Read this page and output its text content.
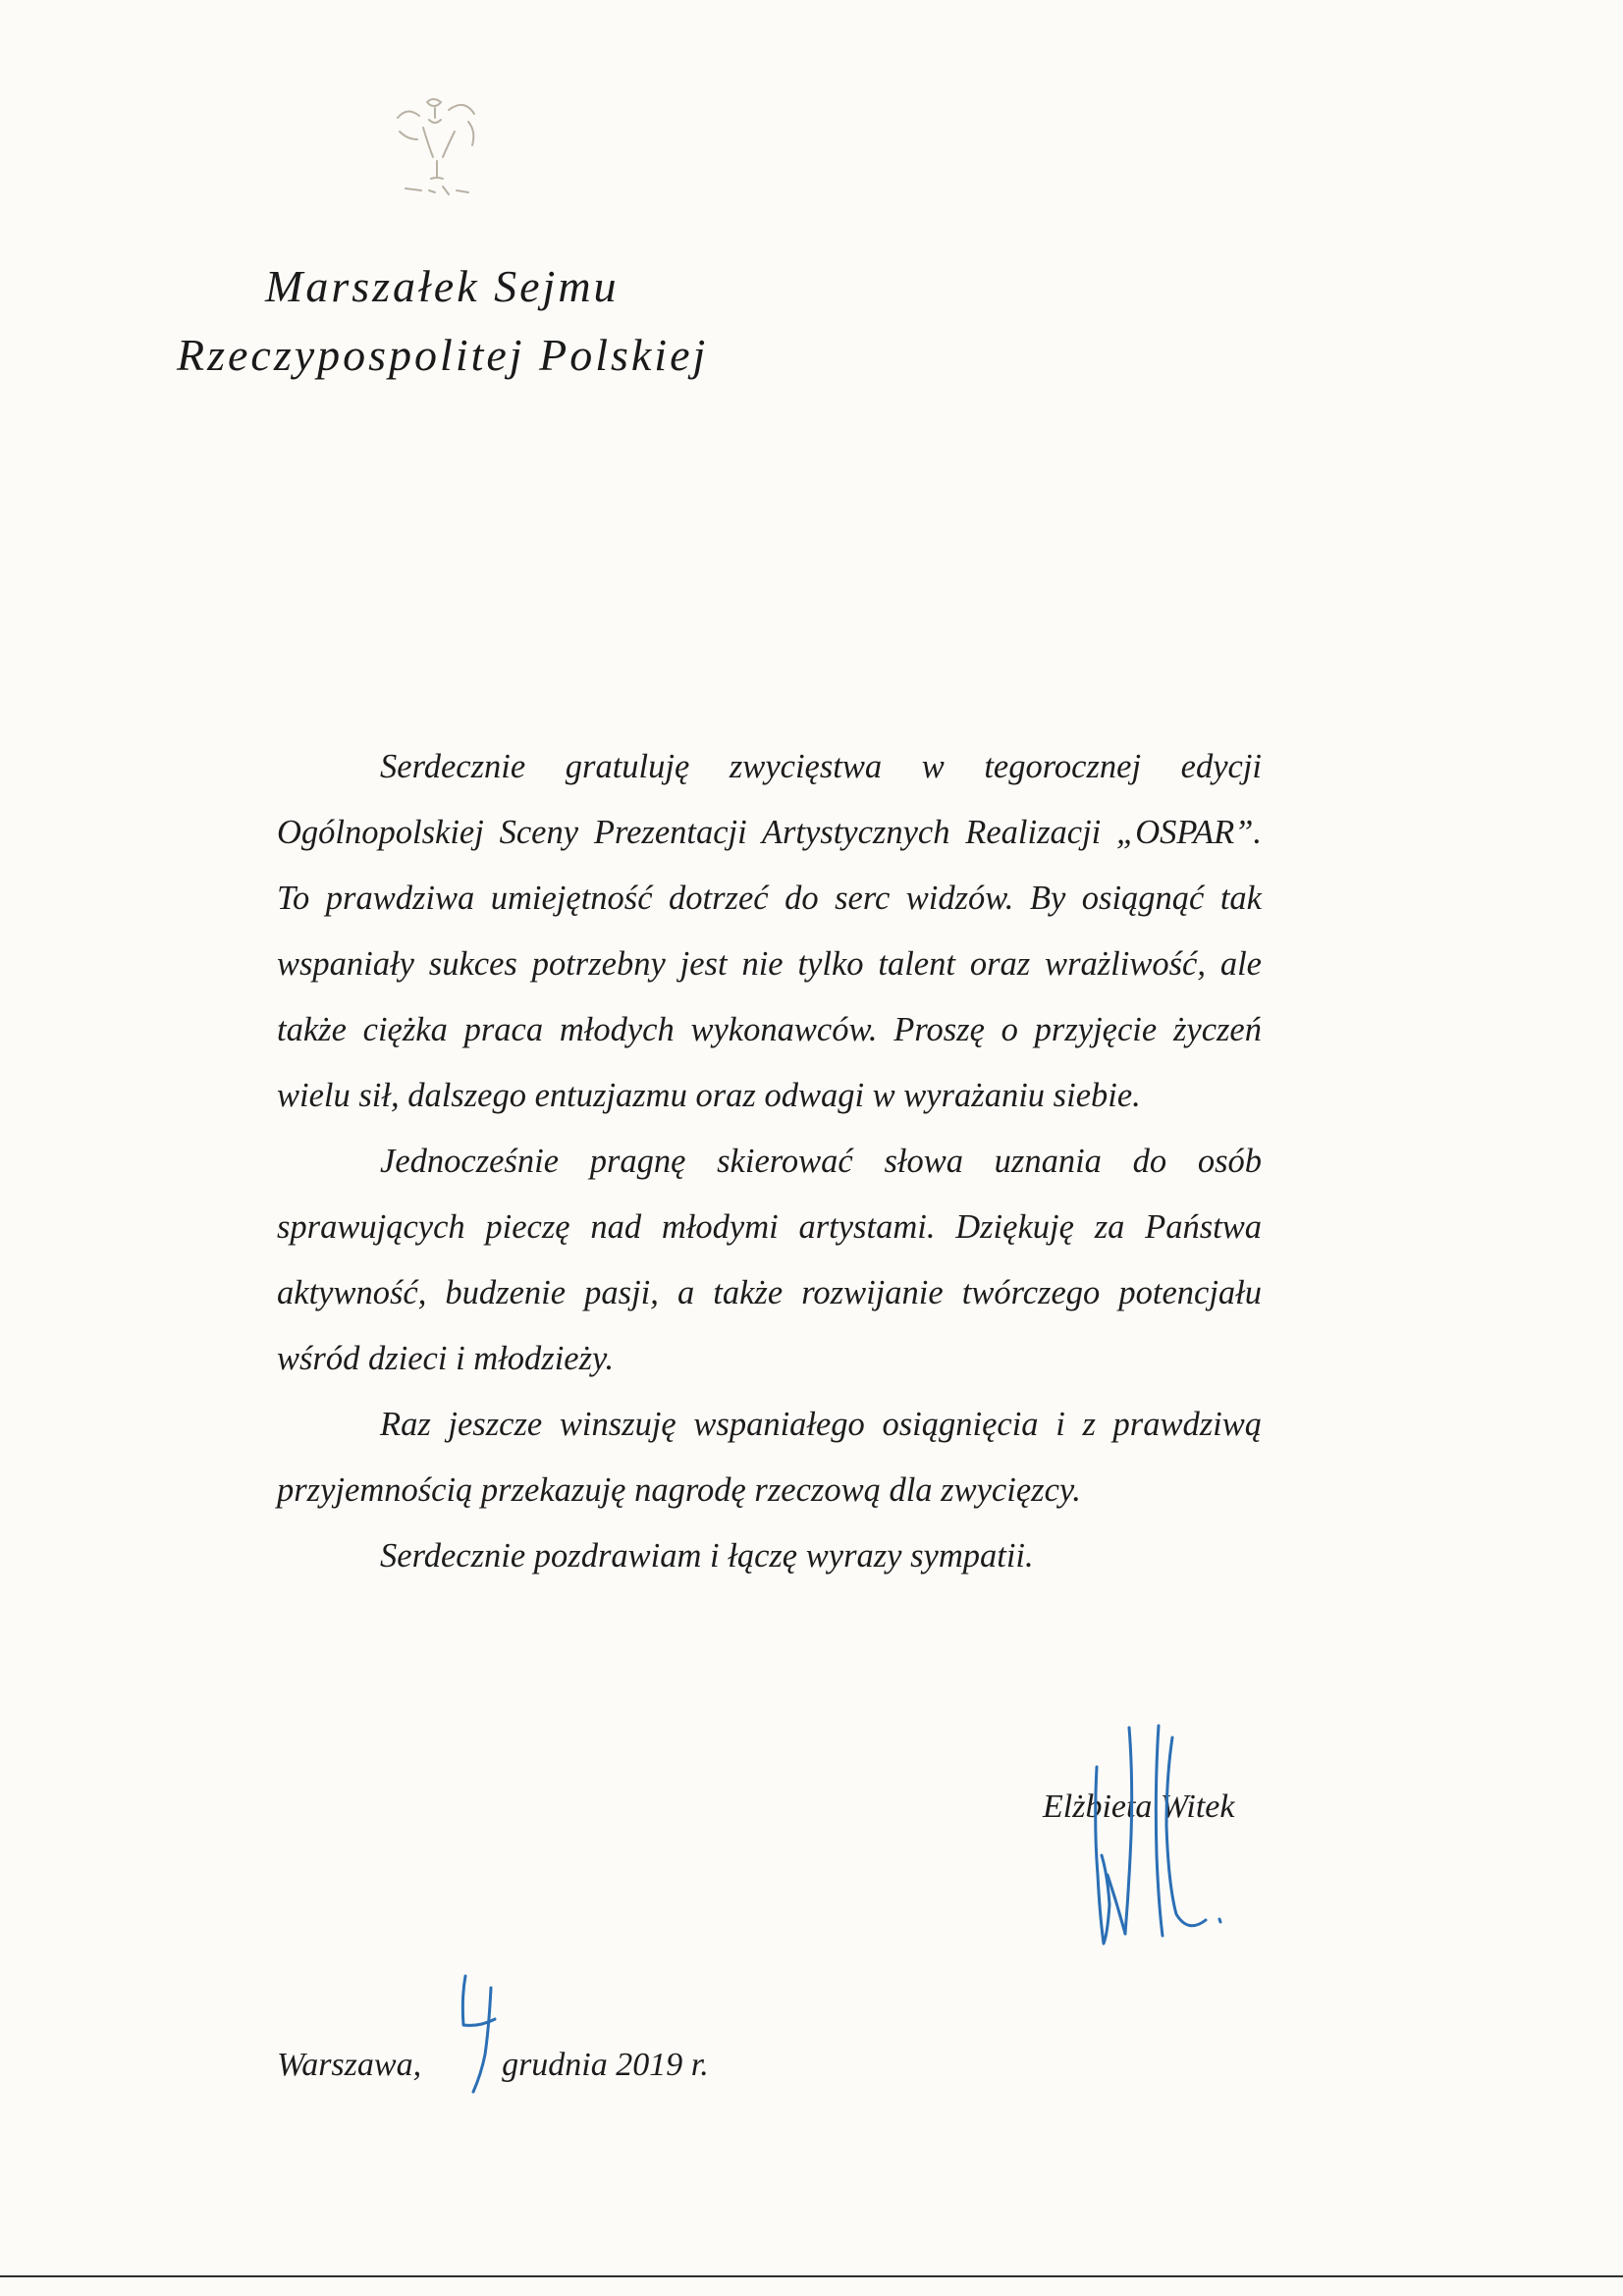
Marszałek Sejmu
Rzeczypospolitej Polskiej

Serdecznie gratuluję zwycięstwa w tegorocznej edycji Ogólnopolskiej Sceny Prezentacji Artystycznych Realizacji „OSPAR”. To prawdziwa umiejętność dotrzeć do serc widzów. By osiągnąć tak wspaniały sukces potrzebny jest nie tylko talent oraz wrażliwość, ale także ciężka praca młodych wykonawców. Proszę o przyjęcie życzeń wielu sił, dalszego entuzjazmu oraz odwagi w wyrażaniu siebie.

Jednocześnie pragnę skierować słowa uznania do osób sprawujących pieczę nad młodymi artystami. Dziękuję za Państwa aktywność, budzenie pasji, a także rozwijanie twórczego potencjału wśród dzieci i młodzieży.

Raz jeszcze winszuję wspaniałego osiągnięcia i z prawdziwą przyjemnością przekazuję nagrodę rzeczową dla zwycięzcy.

Serdecznie pozdrawiam i łączę wyrazy sympatii.

Elżbieta Witek
Warszawa, grudnia 2019 r.
